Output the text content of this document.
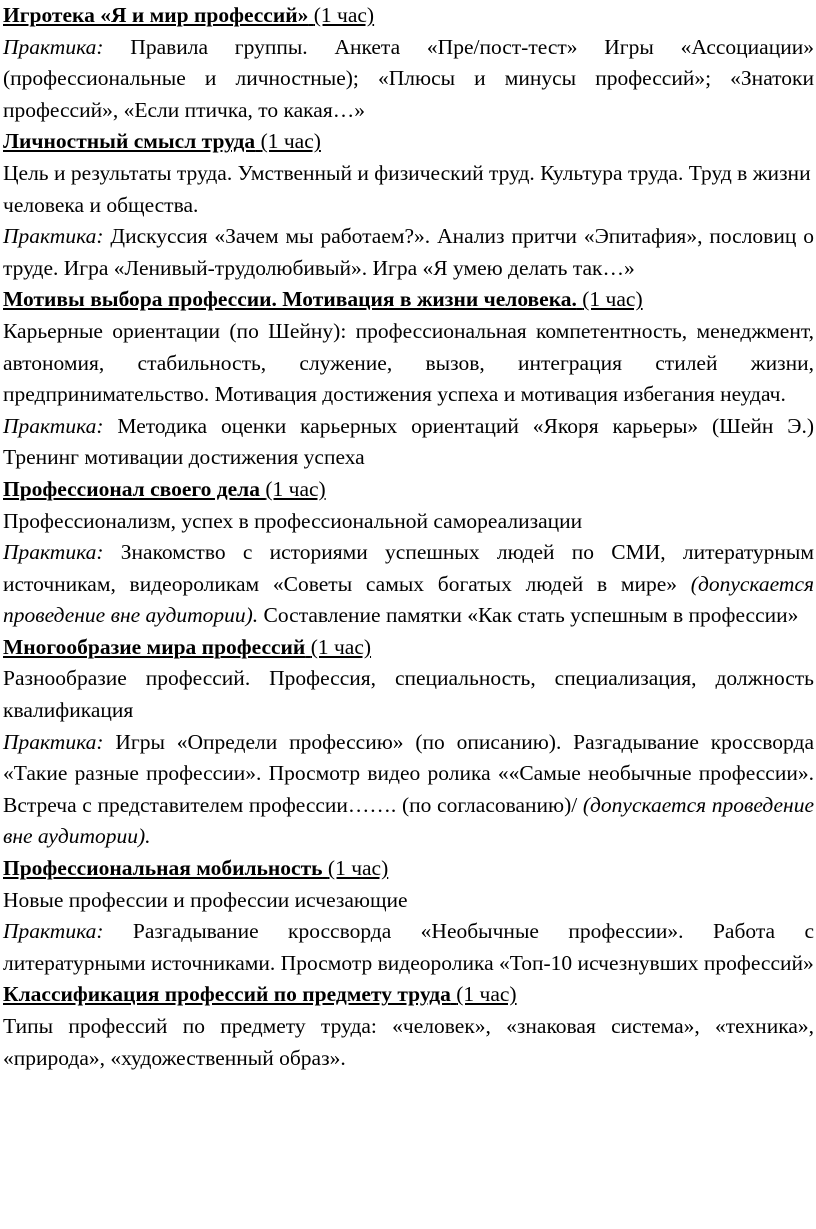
Игротека «Я и мир профессий» (1 час)

Практика: Правила группы. Анкета «Пре/пост-тест» Игры «Ассоциации» (профессиональные и личностные); «Плюсы и минусы профессий»; «Знатоки профессий», «Если птичка, то какая…»

Личностный смысл труда (1 час)

Цель и результаты труда. Умственный и физический труд. Культура труда. Труд в жизни человека и общества.

Практика: Дискуссия «Зачем мы работаем?». Анализ притчи «Эпитафия», пословиц о труде. Игра «Ленивый-трудолюбивый». Игра «Я умею делать так…»

Мотивы выбора профессии. Мотивация в жизни человека. (1 час)

Карьерные ориентации (по Шейну): профессиональная компетентность, менеджмент, автономия, стабильность, служение, вызов, интеграция стилей жизни, предпринимательство. Мотивация достижения успеха и мотивация избегания неудач.

Практика: Методика оценки карьерных ориентаций «Якоря карьеры» (Шейн Э.) Тренинг мотивации достижения успеха

Профессионал своего дела (1 час)

Профессионализм, успех в профессиональной самореализации

Практика: Знакомство с историями успешных людей по СМИ, литературным источникам, видеороликам «Советы самых богатых людей в мире» (допускается проведение вне аудитории). Составление памятки «Как стать успешным в профессии»

Многообразие мира профессий (1 час)

Разнообразие профессий. Профессия, специальность, специализация, должность квалификация

Практика: Игры «Определи профессию» (по описанию). Разгадывание кроссворда «Такие разные профессии». Просмотр видео ролика ««Самые необычные профессии». Встреча с представителем профессии……. (по согласованию)/ (допускается проведение вне аудитории).

Профессиональная мобильность (1 час)

Новые профессии и профессии исчезающие

Практика: Разгадывание кроссворда «Необычные профессии». Работа с литературными источниками. Просмотр видеоролика «Топ-10 исчезнувших профессий»

Классификация профессий по предмету труда (1 час)

Типы профессий по предмету труда: «человек», «знаковая система», «техника», «природа», «художественный образ».
